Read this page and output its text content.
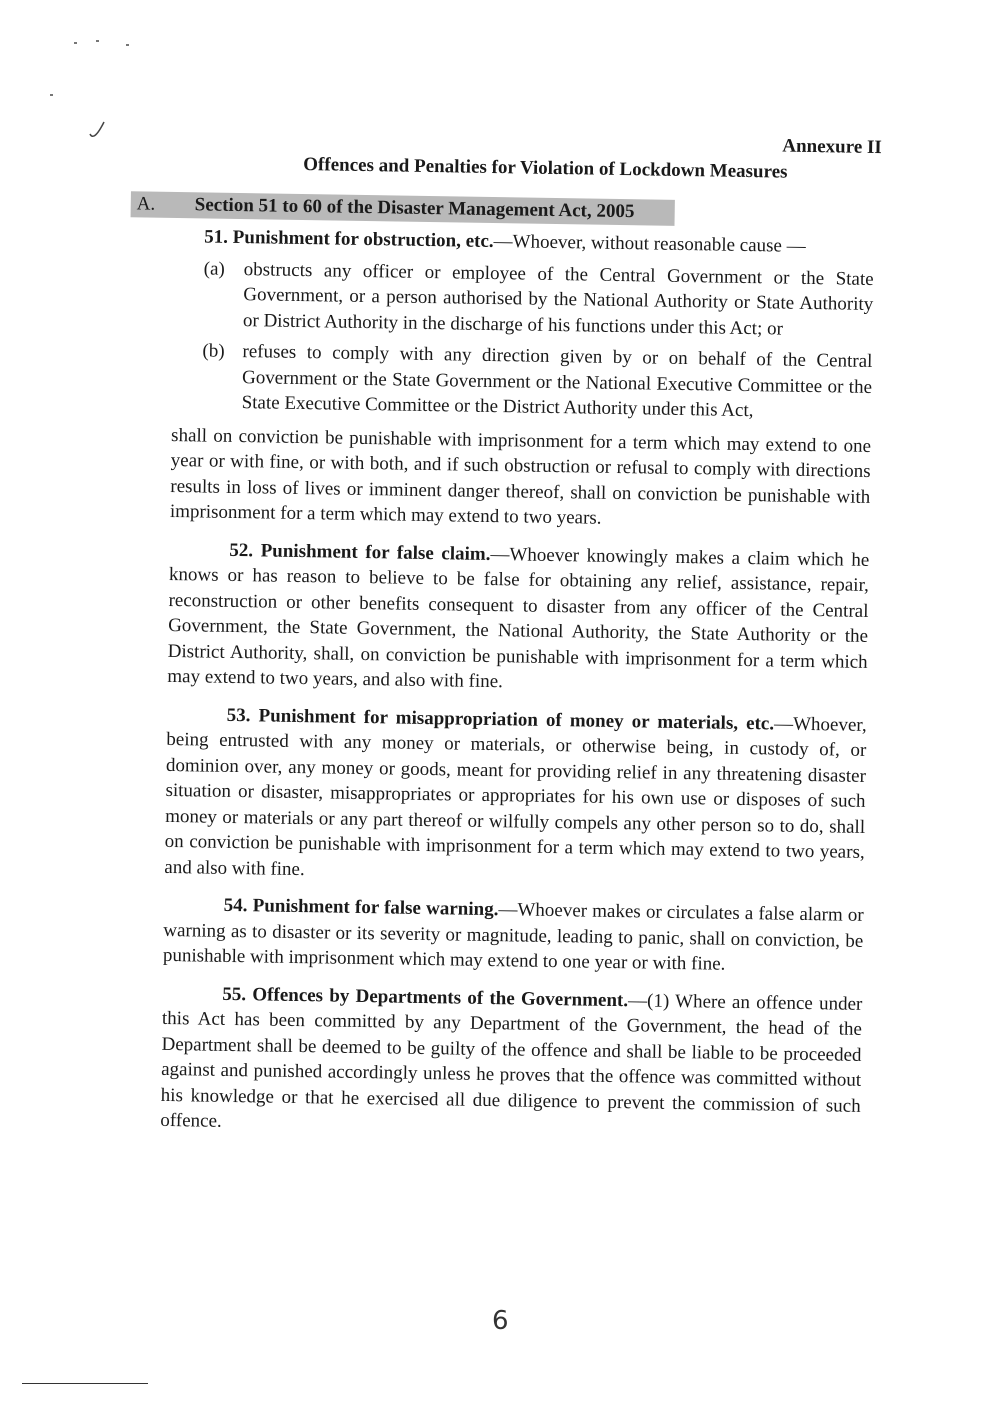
Annexure II
Offences and Penalties for Violation of Lockdown Measures
A.	Section 51 to 60 of the Disaster Management Act, 2005
51. Punishment for obstruction, etc.—Whoever, without reasonable cause —
(a) obstructs any officer or employee of the Central Government or the State Government, or a person authorised by the National Authority or State Authority or District Authority in the discharge of his functions under this Act; or
(b) refuses to comply with any direction given by or on behalf of the Central Government or the State Government or the National Executive Committee or the State Executive Committee or the District Authority under this Act,
shall on conviction be punishable with imprisonment for a term which may extend to one year or with fine, or with both, and if such obstruction or refusal to comply with directions results in loss of lives or imminent danger thereof, shall on conviction be punishable with imprisonment for a term which may extend to two years.
52. Punishment for false claim.—Whoever knowingly makes a claim which he knows or has reason to believe to be false for obtaining any relief, assistance, repair, reconstruction or other benefits consequent to disaster from any officer of the Central Government, the State Government, the National Authority, the State Authority or the District Authority, shall, on conviction be punishable with imprisonment for a term which may extend to two years, and also with fine.
53. Punishment for misappropriation of money or materials, etc.—Whoever, being entrusted with any money or materials, or otherwise being, in custody of, or dominion over, any money or goods, meant for providing relief in any threatening disaster situation or disaster, misappropriates or appropriates for his own use or disposes of such money or materials or any part thereof or wilfully compels any other person so to do, shall on conviction be punishable with imprisonment for a term which may extend to two years, and also with fine.
54. Punishment for false warning.—Whoever makes or circulates a false alarm or warning as to disaster or its severity or magnitude, leading to panic, shall on conviction, be punishable with imprisonment which may extend to one year or with fine.
55. Offences by Departments of the Government.—(1) Where an offence under this Act has been committed by any Department of the Government, the head of the Department shall be deemed to be guilty of the offence and shall be liable to be proceeded against and punished accordingly unless he proves that the offence was committed without his knowledge or that he exercised all due diligence to prevent the commission of such offence.
6
